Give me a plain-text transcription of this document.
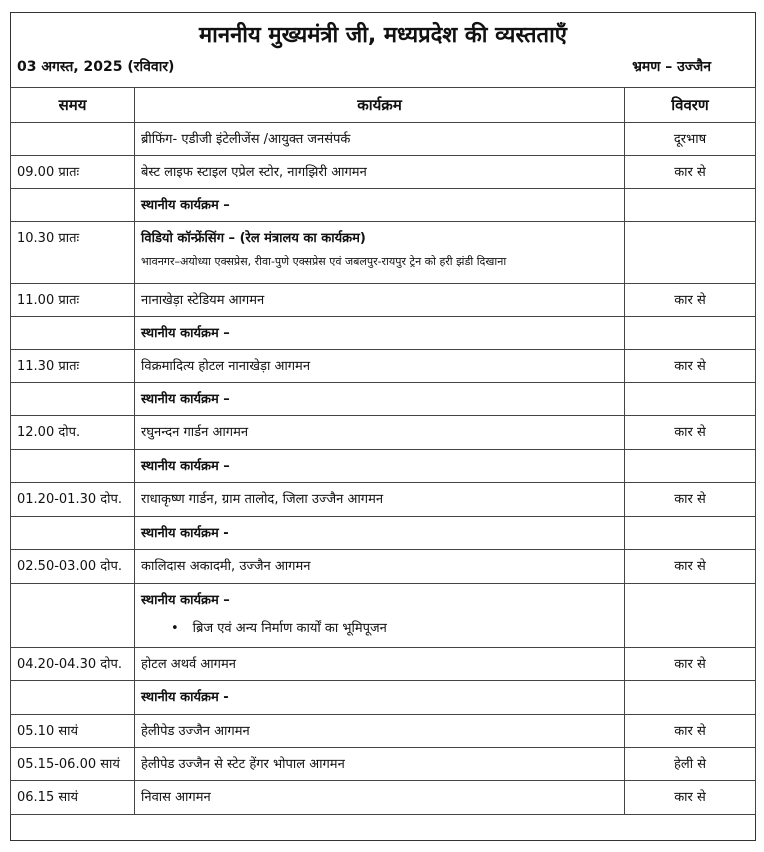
माननीय मुख्यमंत्री जी, मध्यप्रदेश की व्यस्तताएँ
03 अगस्त, 2025 (रविवार)	भ्रमण – उज्जैन
समय	कार्यक्रम	विवरण
	ब्रीफिंग- एडीजी इंटेलीजेंस /आयुक्त जनसंपर्क	दूरभाष
09.00 प्रातः	बेस्ट लाइफ स्टाइल एप्रेल स्टोर, नागझिरी आगमन	कार से
	स्थानीय कार्यक्रम –	
10.30 प्रातः	विडियो कॉन्फ्रेंसिंग – (रेल मंत्रालय का कार्यक्रम)
भावनगर–अयोध्या एक्सप्रेस, रीवा-पुणे एक्सप्रेस एवं जबलपुर-रायपुर ट्रेन को हरी झंडी दिखाना	

11.00 प्रातः	नानाखेड़ा स्टेडियम आगमन	कार से
	स्थानीय कार्यक्रम –	
11.30 प्रातः	विक्रमादित्य होटल नानाखेड़ा आगमन	कार से
	स्थानीय कार्यक्रम –	
12.00 दोप.	रघुनन्दन गार्डन आगमन	कार से
	स्थानीय कार्यक्रम –	
01.20-01.30 दोप.	राधाकृष्ण गार्डन, ग्राम तालोद, जिला उज्जैन आगमन	कार से
	स्थानीय कार्यक्रम -	
02.50-03.00 दोप.	कालिदास अकादमी, उज्जैन आगमन	कार से
	स्थानीय कार्यक्रम –
• ब्रिज एवं अन्य निर्माण कार्यों का भूमिपूजन

04.20-04.30 दोप.	होटल अथर्व आगमन	कार से
	स्थानीय कार्यक्रम -	
05.10 सायं	हेलीपेड उज्जैन आगमन	कार से
05.15-06.00 सायं	हेलीपेड उज्जैन से स्टेट हेंगर भोपाल आगमन	हेली से
06.15 सायं	निवास आगमन	कार से
